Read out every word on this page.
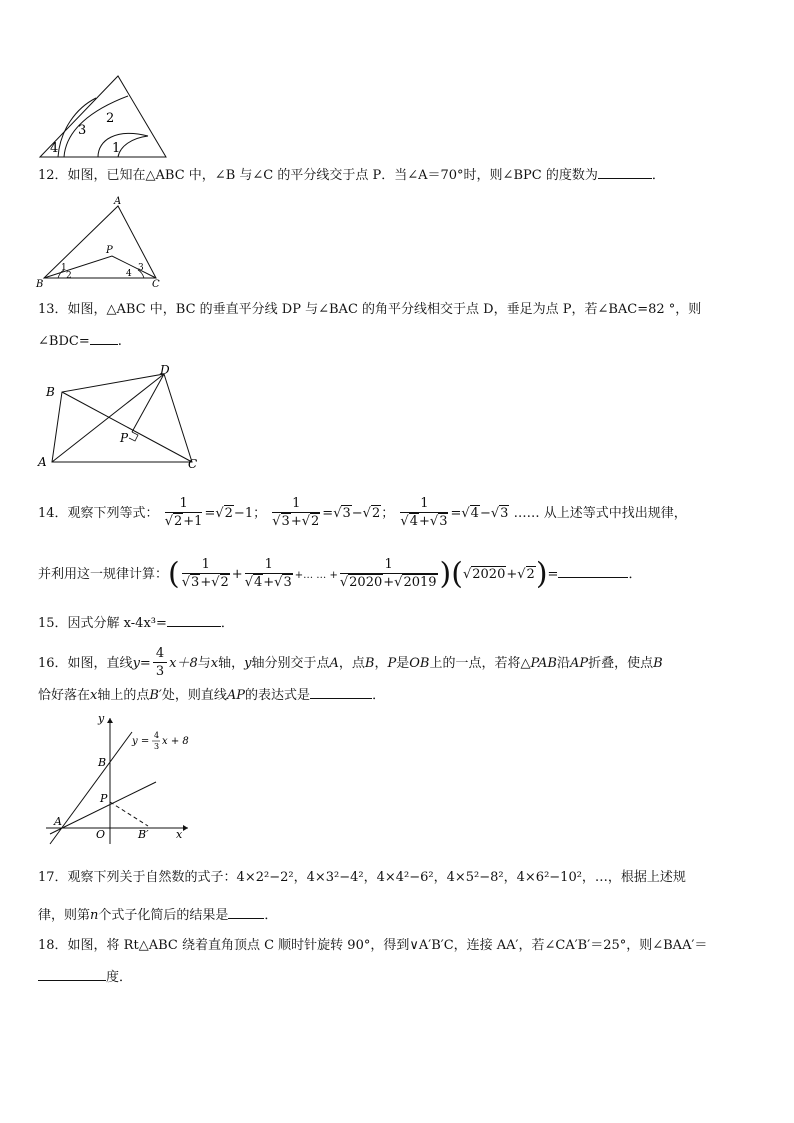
2
3
1
4
12．如图，已知在△ABC 中，∠B 与∠C 的平分线交于点 P．当∠A＝70°时，则∠BPC 的度数为	．
A
P
B	C
1
2
3
4
13．如图，△ABC 中，BC 的垂直平分线 DP 与∠BAC 的角平分线相交于点 D，垂足为点 P，若∠BAC=82 °，则
∠BDC= .
B
D
P
A	C
14．观察下列等式： $\frac{1}{√2+1} =√2-1$； $\frac{1}{√3+√2} =√3-√2$； $\frac{1}{√4+√3} =√4-√3$ …… 从上述等式中找出规律，
并利用这一规律计算：( $\frac{1}{√3+√2} + \frac{1}{√4+√3}$ +… … + $\frac{1}{√2020+√2019} )(√2020+√2)=$	．
15．因式分解 x-4x³=	．
16．如图，直线$y= \frac{4}{3} x+8$与x轴，y轴分别交于点A，点B，P是OB上的一点，若将△PAB沿AP折叠，使点B
恰好落在x轴上的点B′处，则直线AP的表达式是	．
y
y =
4
3 x + 8
B
P
A
O	B′ x
17．观察下列关于自然数的式子：4×2²−2²，4×3²−4²，4×4²−6²，4×5²−8²，4×6²−10²，…，根据上述规
律，则第n个式子化简后的结果是	．
18．如图，将 Rt△ABC 绕着直角顶点 C 顺时针旋转 90°，得到∨A′B′C，连接 AA′，若∠CA′B′＝25°，则∠BAA′＝
度．
